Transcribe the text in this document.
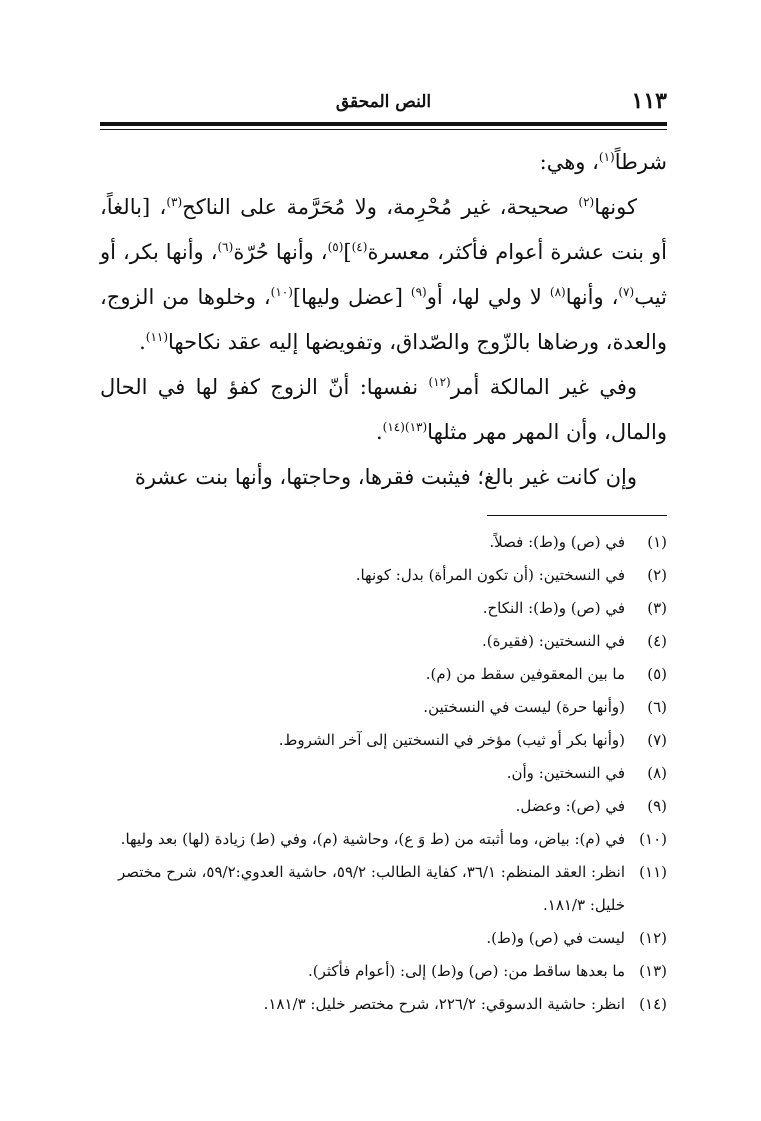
١١٣
النص المحقق

شرطاً$^{(١)}$، وهي:

كونها$^{(٢)}$ صحيحة، غير مُحْرِمة، ولا مُحَرَّمة على الناكح$^{(٣)}$، [بالغاً، أو بنت عشرة أعوام فأكثر، معسرة$^{(٤)}$]$^{(٥)}$، وأنها حُرّة$^{(٦)}$، وأنها بكر، أو ثيب$^{(٧)}$، وأنها$^{(٨)}$ لا ولي لها، أو$^{(٩)}$ [عضل وليها]$^{(١٠)}$، وخلوها من الزوج، والعدة، ورضاها بالزّوج والصّداق، وتفويضها إليه عقد نكاحها$^{(١١)}$.

وفي غير المالكة أمر$^{(١٢)}$ نفسها: أنّ الزوج كفؤ لها في الحال والمال، وأن المهر مهر مثلها$^{(١٣)(١٤)}$.

وإن كانت غير بالغ؛ فيثبت فقرها، وحاجتها، وأنها بنت عشرة

(١)
في (ص) و(ط): فصلاً.
(٢)
في النسختين: (أن تكون المرأة) بدل: كونها.
(٣)
في (ص) و(ط): النكاح.
(٤)
في النسختين: (فقيرة).
(٥)
ما بين المعقوفين سقط من (م).
(٦)
(وأنها حرة) ليست في النسختين.
(٧)
(وأنها بكر أو ثيب) مؤخر في النسختين إلى آخر الشروط.
(٨)
في النسختين: وأن.
(٩)
في (ص): وعضل.
(١٠)
في (م): بياض، وما أثبته من (ط وَ ع)، وحاشية (م)، وفي (ط) زيادة (لها) بعد وليها.
(١١)
انظر: العقد المنظم: ٣٦/١، كفاية الطالب: ٥٩/٢، حاشية العدوي:٥٩/٢، شرح مختصر خليل: ١٨١/٣.
(١٢)
ليست في (ص) و(ط).
(١٣)
ما بعدها ساقط من: (ص) و(ط) إلى: (أعوام فأكثر).
(١٤)
انظر: حاشية الدسوقي: ٢٢٦/٢، شرح مختصر خليل: ١٨١/٣.
